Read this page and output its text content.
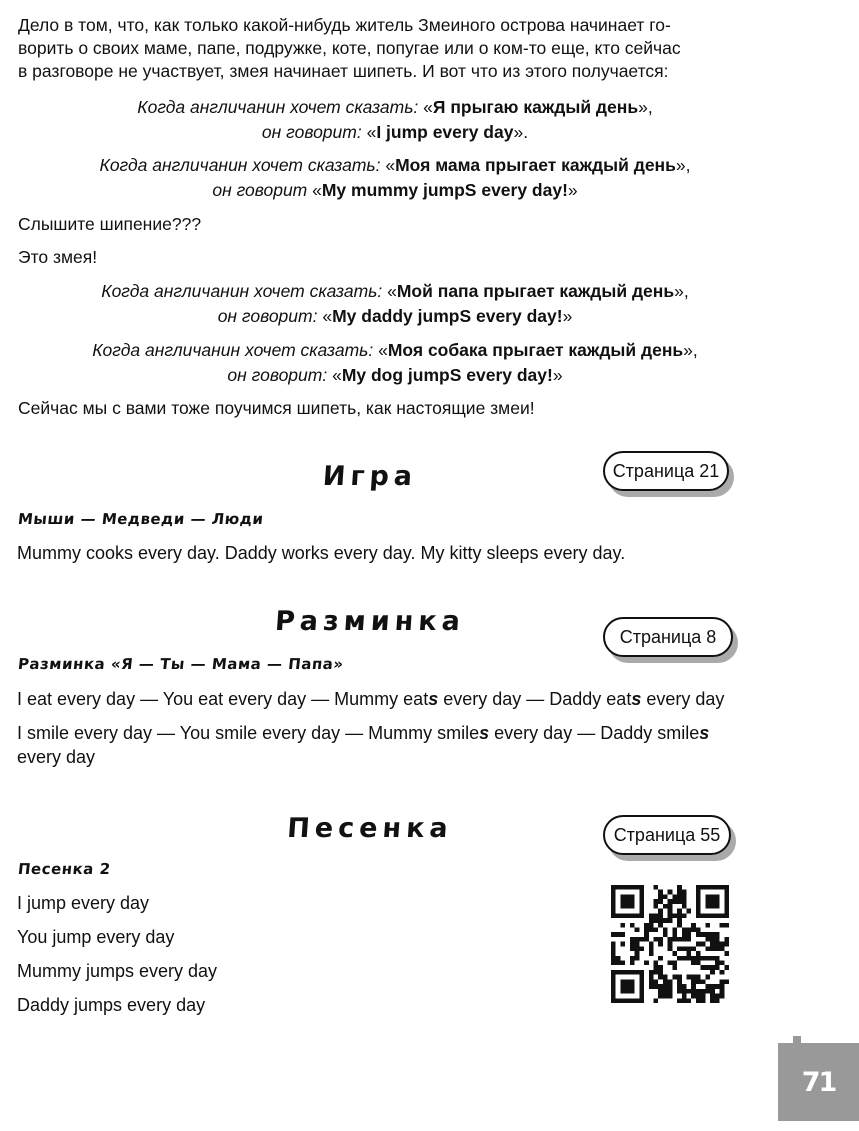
Дело в том, что, как только какой-нибудь житель Змеиного острова начинает го-
ворить о своих маме, папе, подружке, коте, попугае или о ком-то еще, кто сейчас
в разговоре не участвует, змея начинает шипеть. И вот что из этого получается:
Когда англичанин хочет сказать: «Я прыгаю каждый день»,
он говорит: «I jump every day».
Когда англичанин хочет сказать: «Моя мама прыгает каждый день»,
он говорит «My mummy jumpS every day!»
Слышите шипение???
Это змея!
Когда англичанин хочет сказать: «Мой папа прыгает каждый день»,
он говорит: «My daddy jumpS every day!»
Когда англичанин хочет сказать: «Моя собака прыгает каждый день»,
он говорит: «My dog jumpS every day!»
Сейчас мы с вами тоже поучимся шипеть, как настоящие змеи!
Игра	Страница 21
Мыши — Медведи — Люди
Mummy cooks every day. Daddy works every day. My kitty sleeps every day.
Разминка	Страница 8
Разминка «Я — Ты — Мама — Папа»
I eat every day — You eat every day — Mummy eats every day — Daddy eats every day
I smile every day — You smile every day — Mummy smiles every day — Daddy smiles
every day
Песенка	Страница 55
Песенка 2
I jump every day
You jump every day
Mummy jumps every day
Daddy jumps every day
71
